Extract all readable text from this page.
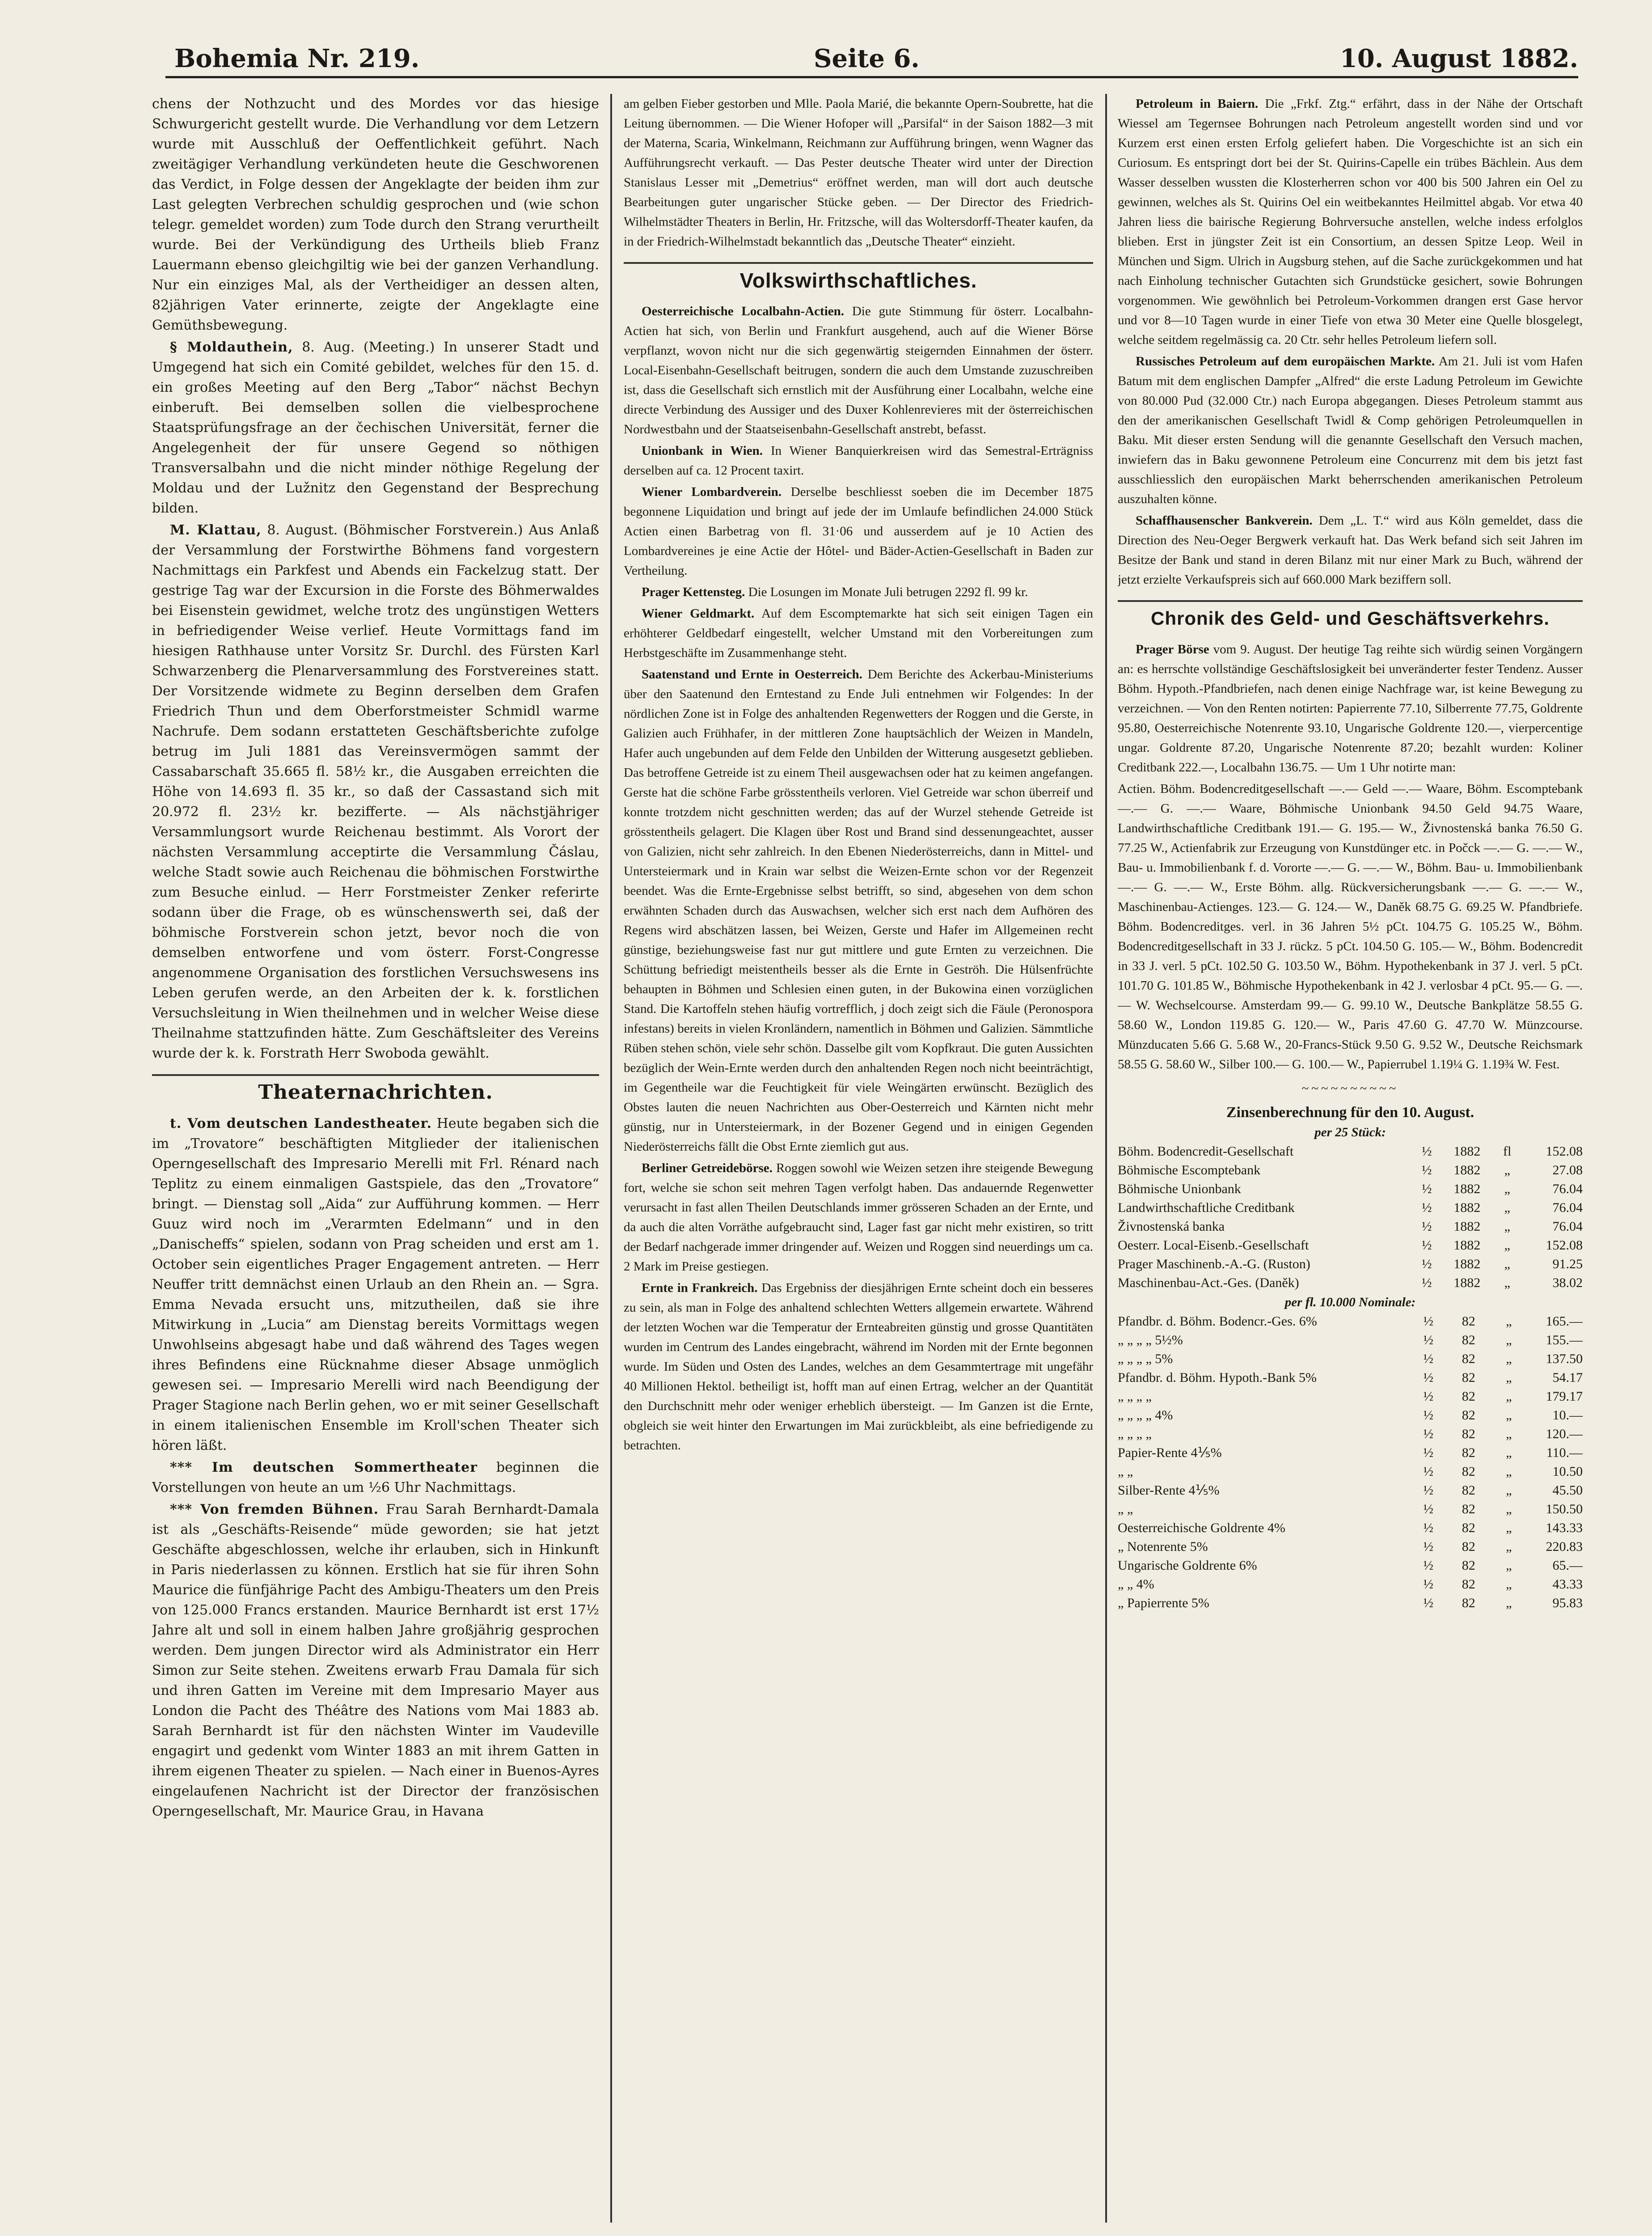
Bohemia Nr. 219.	Seite 6.	10. August 1882.

chens der Nothzucht und des Mordes vor das hiesige Schwurgericht gestellt wurde. Die Verhandlung vor dem Letzern wurde mit Ausschluß der Oeffentlichkeit geführt. Nach zweitägiger Verhandlung verkündeten heute die Geschworenen das Verdict, in Folge dessen der Angeklagte der beiden ihm zur Last gelegten Verbrechen schuldig gesprochen und (wie schon telegr. gemeldet worden) zum Tode durch den Strang verurtheilt wurde. Bei der Verkündigung des Urtheils blieb Franz Lauermann ebenso gleichgiltig wie bei der ganzen Verhandlung. Nur ein einziges Mal, als der Vertheidiger an dessen alten, 82jährigen Vater erinnerte, zeigte der Angeklagte eine Gemüthsbewegung.

§ Moldauthein, 8. Aug. (Meeting.) In unserer Stadt und Umgegend hat sich ein Comité gebildet, welches für den 15. d. ein großes Meeting auf den Berg „Tabor“ nächst Bechyn einberuft. Bei demselben sollen die vielbesprochene Staatsprüfungsfrage an der čechischen Universität, ferner die Angelegenheit der für unsere Gegend so nöthigen Transversalbahn und die nicht minder nöthige Regelung der Moldau und der Lužnitz den Gegenstand der Besprechung bilden.

M. Klattau, 8. August. (Böhmischer Forstverein.) Aus Anlaß der Versammlung der Forstwirthe Böhmens fand vorgestern Nachmittags ein Parkfest und Abends ein Fackelzug statt. Der gestrige Tag war der Excursion in die Forste des Böhmerwaldes bei Eisenstein gewidmet, welche trotz des ungünstigen Wetters in befriedigender Weise verlief. Heute Vormittags fand im hiesigen Rathhause unter Vorsitz Sr. Durchl. des Fürsten Karl Schwarzenberg die Plenarversammlung des Forstvereines statt. Der Vorsitzende widmete zu Beginn derselben dem Grafen Friedrich Thun und dem Oberforstmeister Schmidl warme Nachrufe. Dem sodann erstatteten Geschäftsberichte zufolge betrug im Juli 1881 das Vereinsvermögen sammt der Cassabarschaft 35.665 fl. 58½ kr., die Ausgaben erreichten die Höhe von 14.693 fl. 35 kr., so daß der Cassastand sich mit 20.972 fl. 23½ kr. bezifferte. — Als nächstjähriger Versammlungsort wurde Reichenau bestimmt. Als Vorort der nächsten Versammlung acceptirte die Versammlung Čáslau, welche Stadt sowie auch Reichenau die böhmischen Forstwirthe zum Besuche einlud. — Herr Forstmeister Zenker referirte sodann über die Frage, ob es wünschenswerth sei, daß der böhmische Forstverein schon jetzt, bevor noch die von demselben entworfene und vom österr. Forst-Congresse angenommene Organisation des forstlichen Versuchswesens ins Leben gerufen werde, an den Arbeiten der k. k. forstlichen Versuchsleitung in Wien theilnehmen und in welcher Weise diese Theilnahme stattzufinden hätte. Zum Geschäftsleiter des Vereins wurde der k. k. Forstrath Herr Swoboda gewählt.

Theaternachrichten.

t. Vom deutschen Landestheater. Heute begaben sich die im „Trovatore“ beschäftigten Mitglieder der italienischen Operngesellschaft des Impresario Merelli mit Frl. Rénard nach Teplitz zu einem einmaligen Gastspiele, das den „Trovatore“ bringt. — Dienstag soll „Aida“ zur Aufführung kommen. — Herr Guuz wird noch im „Verarmten Edelmann“ und in den „Danischeffs“ spielen, sodann von Prag scheiden und erst am 1. October sein eigentliches Prager Engagement antreten. — Herr Neuffer tritt demnächst einen Urlaub an den Rhein an. — Sgra. Emma Nevada ersucht uns, mitzutheilen, daß sie ihre Mitwirkung in „Lucia“ am Dienstag bereits Vormittags wegen Unwohlseins abgesagt habe und daß während des Tages wegen ihres Befindens eine Rücknahme dieser Absage unmöglich gewesen sei. — Impresario Merelli wird nach Beendigung der Prager Stagione nach Berlin gehen, wo er mit seiner Gesellschaft in einem italienischen Ensemble im Kroll'schen Theater sich hören läßt.

*** Im deutschen Sommertheater beginnen die Vorstellungen von heute an um ½6 Uhr Nachmittags.

*** Von fremden Bühnen. Frau Sarah Bernhardt-Damala ist als „Geschäfts-Reisende“ müde geworden; sie hat jetzt Geschäfte abgeschlossen, welche ihr erlauben, sich in Hinkunft in Paris niederlassen zu können. Erstlich hat sie für ihren Sohn Maurice die fünfjährige Pacht des Ambigu-Theaters um den Preis von 125.000 Francs erstanden. Maurice Bernhardt ist erst 17½ Jahre alt und soll in einem halben Jahre großjährig gesprochen werden. Dem jungen Director wird als Administrator ein Herr Simon zur Seite stehen. Zweitens erwarb Frau Damala für sich und ihren Gatten im Vereine mit dem Impresario Mayer aus London die Pacht des Théâtre des Nations vom Mai 1883 ab. Sarah Bernhardt ist für den nächsten Winter im Vaudeville engagirt und gedenkt vom Winter 1883 an mit ihrem Gatten in ihrem eigenen Theater zu spielen. — Nach einer in Buenos-Ayres eingelaufenen Nachricht ist der Director der französischen Operngesellschaft, Mr. Maurice Grau, in Havana

am gelben Fieber gestorben und Mlle. Paola Marié, die bekannte Opern-Soubrette, hat die Leitung übernommen. — Die Wiener Hofoper will „Parsifal“ in der Saison 1882—3 mit der Materna, Scaria, Winkelmann, Reichmann zur Aufführung bringen, wenn Wagner das Aufführungsrecht verkauft. — Das Pester deutsche Theater wird unter der Direction Stanislaus Lesser mit „Demetrius“ eröffnet werden, man will dort auch deutsche Bearbeitungen guter ungarischer Stücke geben. — Der Director des Friedrich-Wilhelmstädter Theaters in Berlin, Hr. Fritzsche, will das Woltersdorff-Theater kaufen, da in der Friedrich-Wilhelmstadt bekanntlich das „Deutsche Theater“ einzieht.

Volkswirthschaftliches.

Oesterreichische Localbahn-Actien. Die gute Stimmung für österr. Localbahn-Actien hat sich, von Berlin und Frankfurt ausgehend, auch auf die Wiener Börse verpflanzt, wovon nicht nur die sich gegenwärtig steigernden Einnahmen der österr. Local-Eisenbahn-Gesellschaft beitrugen, sondern die auch dem Umstande zuzuschreiben ist, dass die Gesellschaft sich ernstlich mit der Ausführung einer Localbahn, welche eine directe Verbindung des Aussiger und des Duxer Kohlenrevieres mit der österreichischen Nordwestbahn und der Staatseisenbahn-Gesellschaft anstrebt, befasst.

Unionbank in Wien. In Wiener Banquierkreisen wird das Semestral-Erträgniss derselben auf ca. 12 Procent taxirt.

Wiener Lombardverein. Derselbe beschliesst soeben die im December 1875 begonnene Liquidation und bringt auf jede der im Umlaufe befindlichen 24.000 Stück Actien einen Barbetrag von fl. 31·06 und ausserdem auf je 10 Actien des Lombardvereines je eine Actie der Hôtel- und Bäder-Actien-Gesellschaft in Baden zur Vertheilung.

Prager Kettensteg. Die Losungen im Monate Juli betrugen 2292 fl. 99 kr.

Wiener Geldmarkt. Auf dem Escomptemarkte hat sich seit einigen Tagen ein erhöhterer Geldbedarf eingestellt, welcher Umstand mit den Vorbereitungen zum Herbstgeschäfte im Zusammenhange steht.

Saatenstand und Ernte in Oesterreich. Dem Berichte des Ackerbau-Ministeriums über den Saatenund den Erntestand zu Ende Juli entnehmen wir Folgendes: In der nördlichen Zone ist in Folge des anhaltenden Regenwetters der Roggen und die Gerste, in Galizien auch Frühhafer, in der mittleren Zone hauptsächlich der Weizen in Mandeln, Hafer auch ungebunden auf dem Felde den Unbilden der Witterung ausgesetzt geblieben. Das betroffene Getreide ist zu einem Theil ausgewachsen oder hat zu keimen angefangen. Gerste hat die schöne Farbe grösstentheils verloren. Viel Getreide war schon überreif und konnte trotzdem nicht geschnitten werden; das auf der Wurzel stehende Getreide ist grösstentheils gelagert. Die Klagen über Rost und Brand sind dessenungeachtet, ausser von Galizien, nicht sehr zahlreich. In den Ebenen Niederösterreichs, dann in Mittel- und Untersteiermark und in Krain war selbst die Weizen-Ernte schon vor der Regenzeit beendet. Was die Ernte-Ergebnisse selbst betrifft, so sind, abgesehen von dem schon erwähnten Schaden durch das Auswachsen, welcher sich erst nach dem Aufhören des Regens wird abschätzen lassen, bei Weizen, Gerste und Hafer im Allgemeinen recht günstige, beziehungsweise fast nur gut mittlere und gute Ernten zu verzeichnen. Die Schüttung befriedigt meistentheils besser als die Ernte in Geströh. Die Hülsenfrüchte behaupten in Böhmen und Schlesien einen guten, in der Bukowina einen vorzüglichen Stand. Die Kartoffeln stehen häufig vortrefflich, j doch zeigt sich die Fäule (Peronospora infestans) bereits in vielen Kronländern, namentlich in Böhmen und Galizien. Sämmtliche Rüben stehen schön, viele sehr schön. Dasselbe gilt vom Kopfkraut. Die guten Aussichten bezüglich der Wein-Ernte werden durch den anhaltenden Regen noch nicht beeinträchtigt, im Gegentheile war die Feuchtigkeit für viele Weingärten erwünscht. Bezüglich des Obstes lauten die neuen Nachrichten aus Ober-Oesterreich und Kärnten nicht mehr günstig, nur in Untersteiermark, in der Bozener Gegend und in einigen Gegenden Niederösterreichs fällt die Obst Ernte ziemlich gut aus.

Berliner Getreidebörse. Roggen sowohl wie Weizen setzen ihre steigende Bewegung fort, welche sie schon seit mehren Tagen verfolgt haben. Das andauernde Regenwetter verursacht in fast allen Theilen Deutschlands immer grösseren Schaden an der Ernte, und da auch die alten Vorräthe aufgebraucht sind, Lager fast gar nicht mehr existiren, so tritt der Bedarf nachgerade immer dringender auf. Weizen und Roggen sind neuerdings um ca. 2 Mark im Preise gestiegen.

Ernte in Frankreich. Das Ergebniss der diesjährigen Ernte scheint doch ein besseres zu sein, als man in Folge des anhaltend schlechten Wetters allgemein erwartete. Während der letzten Wochen war die Temperatur der Ernteabreiten günstig und grosse Quantitäten wurden im Centrum des Landes eingebracht, während im Norden mit der Ernte begonnen wurde. Im Süden und Osten des Landes, welches an dem Gesammtertrage mit ungefähr 40 Millionen Hektol. betheiligt ist, hofft man auf einen Ertrag, welcher an der Quantität den Durchschnitt mehr oder weniger erheblich übersteigt. — Im Ganzen ist die Ernte, obgleich sie weit hinter den Erwartungen im Mai zurückbleibt, als eine befriedigende zu betrachten.

Petroleum in Baiern. Die „Frkf. Ztg.“ erfährt, dass in der Nähe der Ortschaft Wiessel am Tegernsee Bohrungen nach Petroleum angestellt worden sind und vor Kurzem erst einen ersten Erfolg geliefert haben. Die Vorgeschichte ist an sich ein Curiosum. Es entspringt dort bei der St. Quirins-Capelle ein trübes Bächlein. Aus dem Wasser desselben wussten die Klosterherren schon vor 400 bis 500 Jahren ein Oel zu gewinnen, welches als St. Quirins Oel ein weitbekanntes Heilmittel abgab. Vor etwa 40 Jahren liess die bairische Regierung Bohrversuche anstellen, welche indess erfolglos blieben. Erst in jüngster Zeit ist ein Consortium, an dessen Spitze Leop. Weil in München und Sigm. Ulrich in Augsburg stehen, auf die Sache zurückgekommen und hat nach Einholung technischer Gutachten sich Grundstücke gesichert, sowie Bohrungen vorgenommen. Wie gewöhnlich bei Petroleum-Vorkommen drangen erst Gase hervor und vor 8—10 Tagen wurde in einer Tiefe von etwa 30 Meter eine Quelle blosgelegt, welche seitdem regelmässig ca. 20 Ctr. sehr helles Petroleum liefern soll.

Russisches Petroleum auf dem europäischen Markte. Am 21. Juli ist vom Hafen Batum mit dem englischen Dampfer „Alfred“ die erste Ladung Petroleum im Gewichte von 80.000 Pud (32.000 Ctr.) nach Europa abgegangen. Dieses Petroleum stammt aus den der amerikanischen Gesellschaft Twidl & Comp gehörigen Petroleumquellen in Baku. Mit dieser ersten Sendung will die genannte Gesellschaft den Versuch machen, inwiefern das in Baku gewonnene Petroleum eine Concurrenz mit dem bis jetzt fast ausschliesslich den europäischen Markt beherrschenden amerikanischen Petroleum auszuhalten könne.

Schaffhausenscher Bankverein. Dem „L. T.“ wird aus Köln gemeldet, dass die Direction des Neu-Oeger Bergwerk verkauft hat. Das Werk befand sich seit Jahren im Besitze der Bank und stand in deren Bilanz mit nur einer Mark zu Buch, während der jetzt erzielte Verkaufspreis sich auf 660.000 Mark beziffern soll.

Chronik des Geld- und Geschäftsverkehrs.

Prager Börse vom 9. August. Der heutige Tag reihte sich würdig seinen Vorgängern an: es herrschte vollständige Geschäftslosigkeit bei unveränderter fester Tendenz. Ausser Böhm. Hypoth.-Pfandbriefen, nach denen einige Nachfrage war, ist keine Bewegung zu verzeichnen. — Von den Renten notirten: Papierrente 77.10, Silberrente 77.75, Goldrente 95.80, Oesterreichische Notenrente 93.10, Ungarische Goldrente 120.—, vierpercentige ungar. Goldrente 87.20, Ungarische Notenrente 87.20; bezahlt wurden: Koliner Creditbank 222.—, Localbahn 136.75. — Um 1 Uhr notirte man:

Actien. Böhm. Bodencreditgesellschaft —.— Geld —.— Waare, Böhm. Escomptebank —.— G. —.— Waare, Böhmische Unionbank 94.50 Geld 94.75 Waare, Landwirthschaftliche Creditbank 191.— G. 195.— W., Živnostenská banka 76.50 G. 77.25 W., Actienfabrik zur Erzeugung von Kunstdünger etc. in Počck —.— G. —.— W., Bau- u. Immobilienbank f. d. Vororte —.— G. —.— W., Böhm. Bau- u. Immobilienbank —.— G. —.— W., Erste Böhm. allg. Rückversicherungsbank —.— G. —.— W., Maschinenbau-Actienges. 123.— G. 124.— W., Daněk 68.75 G. 69.25 W. Pfandbriefe. Böhm. Bodencreditges. verl. in 36 Jahren 5½ pCt. 104.75 G. 105.25 W., Böhm. Bodencreditgesellschaft in 33 J. rückz. 5 pCt. 104.50 G. 105.— W., Böhm. Bodencredit in 33 J. verl. 5 pCt. 102.50 G. 103.50 W., Böhm. Hypothekenbank in 37 J. verl. 5 pCt. 101.70 G. 101.85 W., Böhmische Hypothekenbank in 42 J. verlosbar 4 pCt. 95.— G. —.— W. Wechselcourse. Amsterdam 99.— G. 99.10 W., Deutsche Bankplätze 58.55 G. 58.60 W., London 119.85 G. 120.— W., Paris 47.60 G. 47.70 W. Münzcourse. Münzducaten 5.66 G. 5.68 W., 20-Francs-Stück 9.50 G. 9.52 W., Deutsche Reichsmark 58.55 G. 58.60 W., Silber 100.— G. 100.— W., Papierrubel 1.19¼ G. 1.19¾ W. Fest.

~~~~~~~~~~
Zinsenberechnung für den 10. August.
per 25 Stück:
Böhm. Bodencredit-Gesellschaft	½	1882	fl	152.08
Böhmische Escomptebank	½	1882	„	27.08
Böhmische Unionbank	½	1882	„	76.04
Landwirthschaftliche Creditbank	½	1882	„	76.04
Živnostenská banka	½	1882	„	76.04
Oesterr. Local-Eisenb.-Gesellschaft	½	1882	„	152.08
Prager Maschinenb.-A.-G. (Ruston)	½	1882	„	91.25
Maschinenbau-Act.-Ges. (Daněk)	½	1882	„	38.02
per fl. 10.000 Nominale:
Pfandbr. d. Böhm. Bodencr.-Ges. 6%	½	82	„	165.—
„ „ „ „ 5½%	½	82	„	155.—
„ „ „ „ 5%	½	82	„	137.50
Pfandbr. d. Böhm. Hypoth.-Bank 5%	½	82	„	54.17
„ „ „ „	½	82	„	179.17
„ „ „ „ 4%	½	82	„	10.—
„ „ „ „	½	82	„	120.—
Papier-Rente 4⅕%	½	82	„	110.—
„ „	½	82	„	10.50
Silber-Rente 4⅕%	½	82	„	45.50
„ „	½	82	„	150.50
Oesterreichische Goldrente 4%	½	82	„	143.33
„ Notenrente 5%	½	82	„	220.83
Ungarische Goldrente 6%	½	82	„	65.—
„ „ 4%	½	82	„	43.33
„ Papierrente 5%	½	82	„	95.83
